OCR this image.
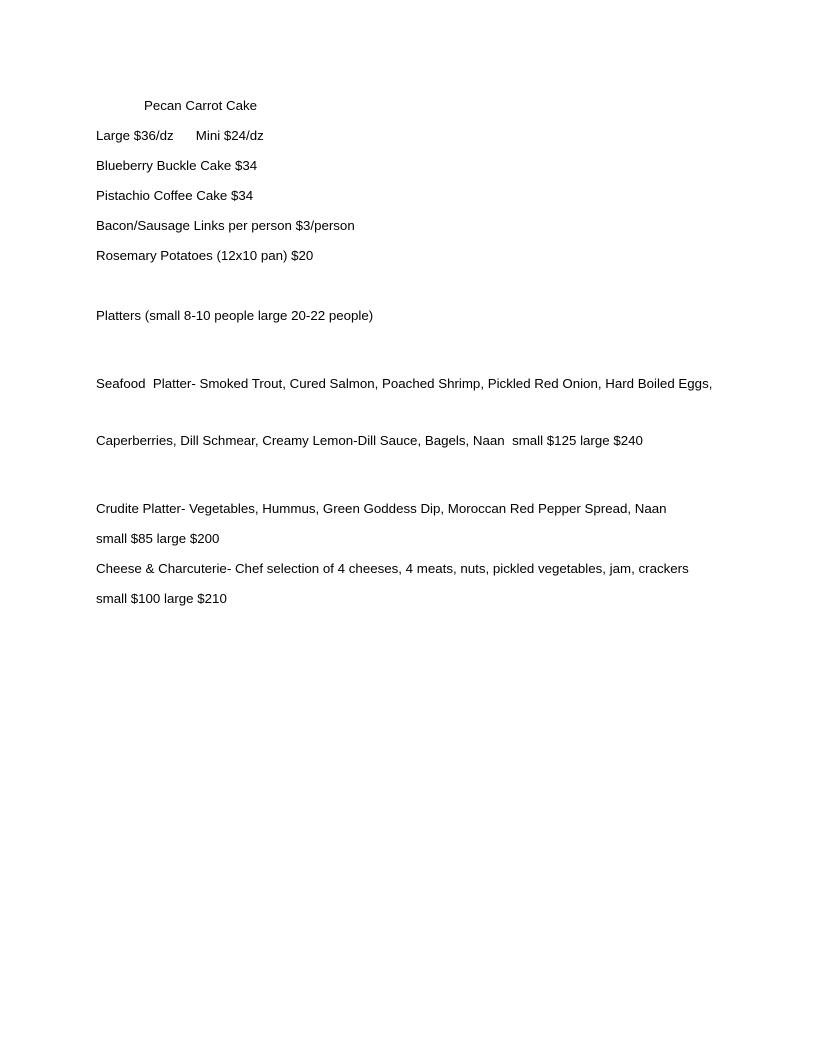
Pecan Carrot Cake

Large $36/dz      Mini $24/dz

Blueberry Buckle Cake $34

Pistachio Coffee Cake $34

Bacon/Sausage Links per person $3/person

Rosemary Potatoes (12x10 pan) $20

Platters (small 8-10 people large 20-22 people)

Seafood  Platter- Smoked Trout, Cured Salmon, Poached Shrimp, Pickled Red Onion, Hard Boiled Eggs,

Caperberries, Dill Schmear, Creamy Lemon-Dill Sauce, Bagels, Naan  small $125 large $240

Crudite Platter- Vegetables, Hummus, Green Goddess Dip, Moroccan Red Pepper Spread, Naan

small $85 large $200

Cheese & Charcuterie- Chef selection of 4 cheeses, 4 meats, nuts, pickled vegetables, jam, crackers

small $100 large $210
